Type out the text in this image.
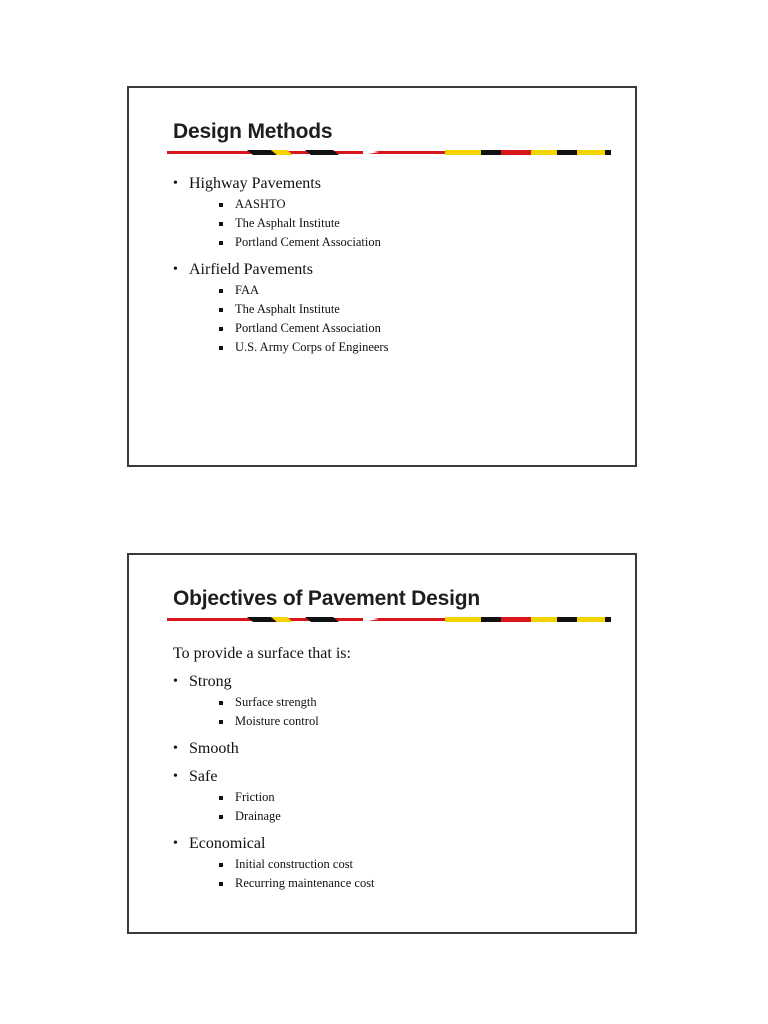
Design Methods
• Highway Pavements
AASHTO
The Asphalt Institute
Portland Cement Association
• Airfield Pavements
FAA
The Asphalt Institute
Portland Cement Association
U.S. Army Corps of Engineers
Objectives of Pavement Design

To provide a surface that is:

• Strong
Surface strength
Moisture control
• Smooth
• Safe
Friction
Drainage
• Economical
Initial construction cost
Recurring maintenance cost
